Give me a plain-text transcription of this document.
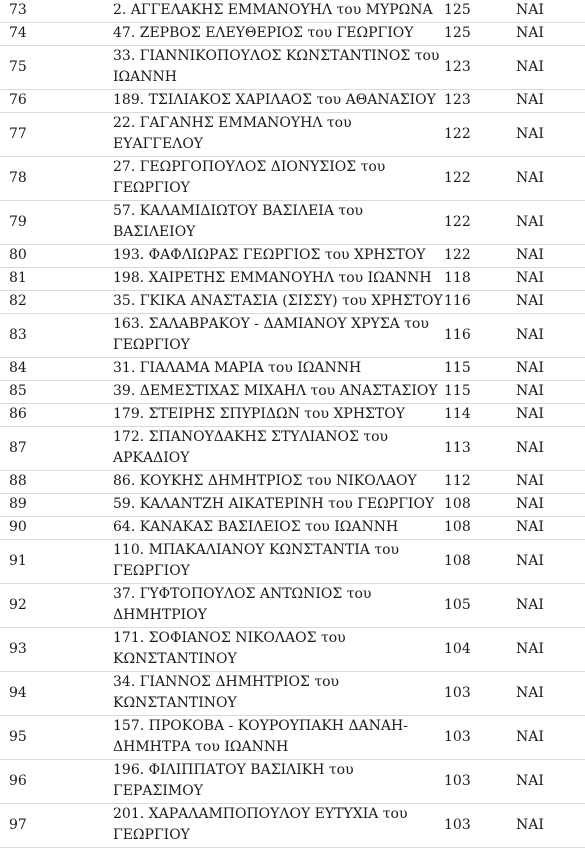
73	2. ΑΓΓΕΛΑΚΗΣ ΕΜΜΑΝΟΥΗΛ του ΜΥΡΩΝΑ	125	ΝΑΙ
74	47. ΖΕΡΒΟΣ ΕΛΕΥΘΕΡΙΟΣ του ΓΕΩΡΓΙΟΥ	125	ΝΑΙ
75	33. ΓΙΑΝΝΙΚΟΠΟΥΛΟΣ ΚΩΝΣΤΑΝΤΙΝΟΣ του ΙΩΑΝΝΗ	123	ΝΑΙ
76	189. ΤΣΙΛΙΑΚΟΣ ΧΑΡΙΛΑΟΣ του ΑΘΑΝΑΣΙΟΥ	123	ΝΑΙ
77	22. ΓΑΓΑΝΗΣ ΕΜΜΑΝΟΥΗΛ του ΕΥΑΓΓΕΛΟΥ	122	ΝΑΙ
78	27. ΓΕΩΡΓΟΠΟΥΛΟΣ ΔΙΟΝΥΣΙΟΣ του ΓΕΩΡΓΙΟΥ	122	ΝΑΙ
79	57. ΚΑΛΑΜΙΔΙΩΤΟΥ ΒΑΣΙΛΕΙΑ του ΒΑΣΙΛΕΙΟΥ	122	ΝΑΙ
80	193. ΦΑΦΛΙΩΡΑΣ ΓΕΩΡΓΙΟΣ του ΧΡΗΣΤΟΥ	122	ΝΑΙ
81	198. ΧΑΙΡΕΤΗΣ ΕΜΜΑΝΟΥΗΛ του ΙΩΑΝΝΗ	118	ΝΑΙ
82	35. ΓΚΙΚΑ ΑΝΑΣΤΑΣΙΑ (ΣΙΣΣΥ) του ΧΡΗΣΤΟΥ	116	ΝΑΙ
83	163. ΣΑΛΑΒΡΑΚΟΥ - ΔΑΜΙΑΝΟΥ ΧΡΥΣΑ του ΓΕΩΡΓΙΟΥ	116	ΝΑΙ
84	31. ΓΙΑΛΑΜΑ ΜΑΡΙΑ του ΙΩΑΝΝΗ	115	ΝΑΙ
85	39. ΔΕΜΕΣΤΙΧΑΣ ΜΙΧΑΗΛ του ΑΝΑΣΤΑΣΙΟΥ	115	ΝΑΙ
86	179. ΣΤΕΙΡΗΣ ΣΠΥΡΙΔΩΝ του ΧΡΗΣΤΟΥ	114	ΝΑΙ
87	172. ΣΠΑΝΟΥΔΑΚΗΣ ΣΤΥΛΙΑΝΟΣ του ΑΡΚΑΔΙΟΥ	113	ΝΑΙ
88	86. ΚΟΥΚΗΣ ΔΗΜΗΤΡΙΟΣ του ΝΙΚΟΛΑΟΥ	112	ΝΑΙ
89	59. ΚΑΛΑΝΤΖΗ ΑΙΚΑΤΕΡΙΝΗ του ΓΕΩΡΓΙΟΥ	108	ΝΑΙ
90	64. ΚΑΝΑΚΑΣ ΒΑΣΙΛΕΙΟΣ του ΙΩΑΝΝΗ	108	ΝΑΙ
91	110. ΜΠΑΚΑΛΙΑΝΟΥ ΚΩΝΣΤΑΝΤΙΑ του ΓΕΩΡΓΙΟΥ	108	ΝΑΙ
92	37. ΓΥΦΤΟΠΟΥΛΟΣ ΑΝΤΩΝΙΟΣ του ΔΗΜΗΤΡΙΟΥ	105	ΝΑΙ
93	171. ΣΟΦΙΑΝΟΣ ΝΙΚΟΛΑΟΣ του ΚΩΝΣΤΑΝΤΙΝΟΥ	104	ΝΑΙ
94	34. ΓΙΑΝΝΟΣ ΔΗΜΗΤΡΙΟΣ του ΚΩΝΣΤΑΝΤΙΝΟΥ	103	ΝΑΙ
95	157. ΠΡΟΚΟΒΑ - ΚΟΥΡΟΥΠΑΚΗ ΔΑΝΑΗ-ΔΗΜΗΤΡΑ του ΙΩΑΝΝΗ	103	ΝΑΙ
96	196. ΦΙΛΙΠΠΑΤΟΥ ΒΑΣΙΛΙΚΗ του ΓΕΡΑΣΙΜΟΥ	103	ΝΑΙ
97	201. ΧΑΡΑΛΑΜΠΟΠΟΥΛΟΥ ΕΥΤΥΧΙΑ του ΓΕΩΡΓΙΟΥ	103	ΝΑΙ
